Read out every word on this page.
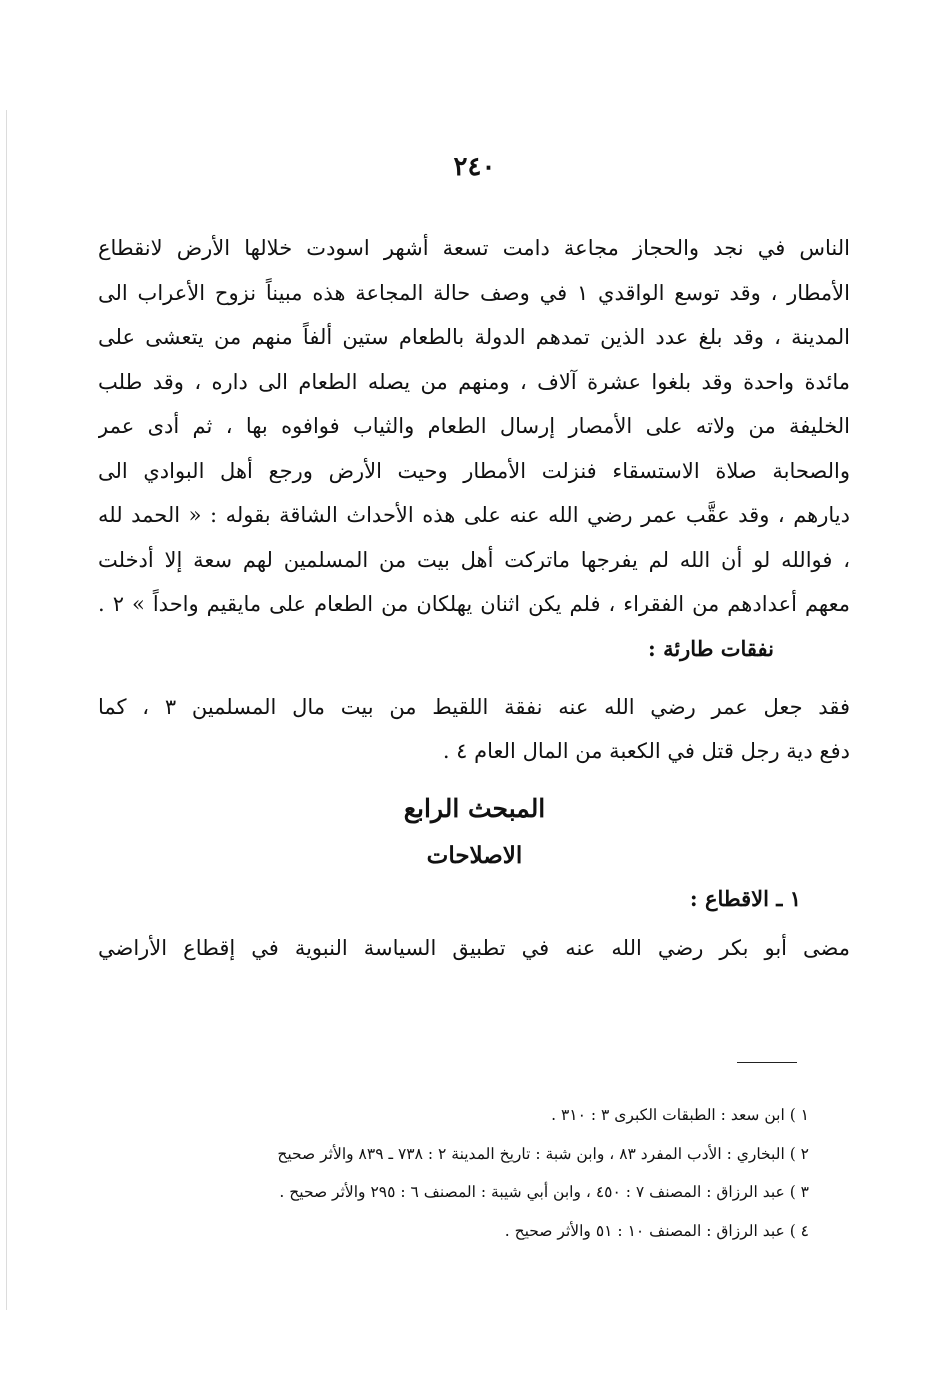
٢٤٠
الناس في نجد والحجاز مجاعة دامت تسعة أشهر اسودت خلالها الأرض لانقطاع
الأمطار ، وقد توسع الواقدي ١ في وصف حالة المجاعة هذه مبيناً نزوح الأعراب الى
المدينة ، وقد بلغ عدد الذين تمدهم الدولة بالطعام ستين ألفاً منهم من يتعشى على
مائدة واحدة وقد بلغوا عشرة آلاف ، ومنهم من يصله الطعام الى داره ، وقد طلب
الخليفة من ولاته على الأمصار إرسال الطعام والثياب فوافوه بها ، ثم أدى عمر
والصحابة صلاة الاستسقاء فنزلت الأمطار وحيت الأرض ورجع أهل البوادي الى
ديارهم ، وقد عقَّب عمر رضي الله عنه على هذه الأحداث الشاقة بقوله : « الحمد لله
، فوالله لو أن الله لم يفرجها ماتركت أهل بيت من المسلمين لهم سعة إلا أدخلت
معهم أعدادهم من الفقراء ، فلم يكن اثنان يهلكان من الطعام على مايقيم واحداً » ٢ .
نفقات طارئة :
فقد جعل عمر رضي الله عنه نفقة اللقيط من بيت مال المسلمين ٣ ، كما
دفع دية رجل قتل في الكعبة من المال العام ٤ .
المبحث الرابع
الاصلاحات
١ ـ الاقطاع :
مضى أبو بكر رضي الله عنه في تطبيق السياسة النبوية في إقطاع الأراضي
١ ) ابن سعد : الطبقات الكبرى ٣ : ٣١٠ .
٢ ) البخاري : الأدب المفرد ٨٣ ، وابن شبة : تاريخ المدينة ٢ : ٧٣٨ ـ ٨٣٩ والأثر صحيح
٣ ) عبد الرزاق : المصنف ٧ : ٤٥٠ ، وابن أبي شيبة : المصنف ٦ : ٢٩٥ والأثر صحيح .
٤ ) عبد الرزاق : المصنف ١٠ : ٥١ والأثر صحيح .
